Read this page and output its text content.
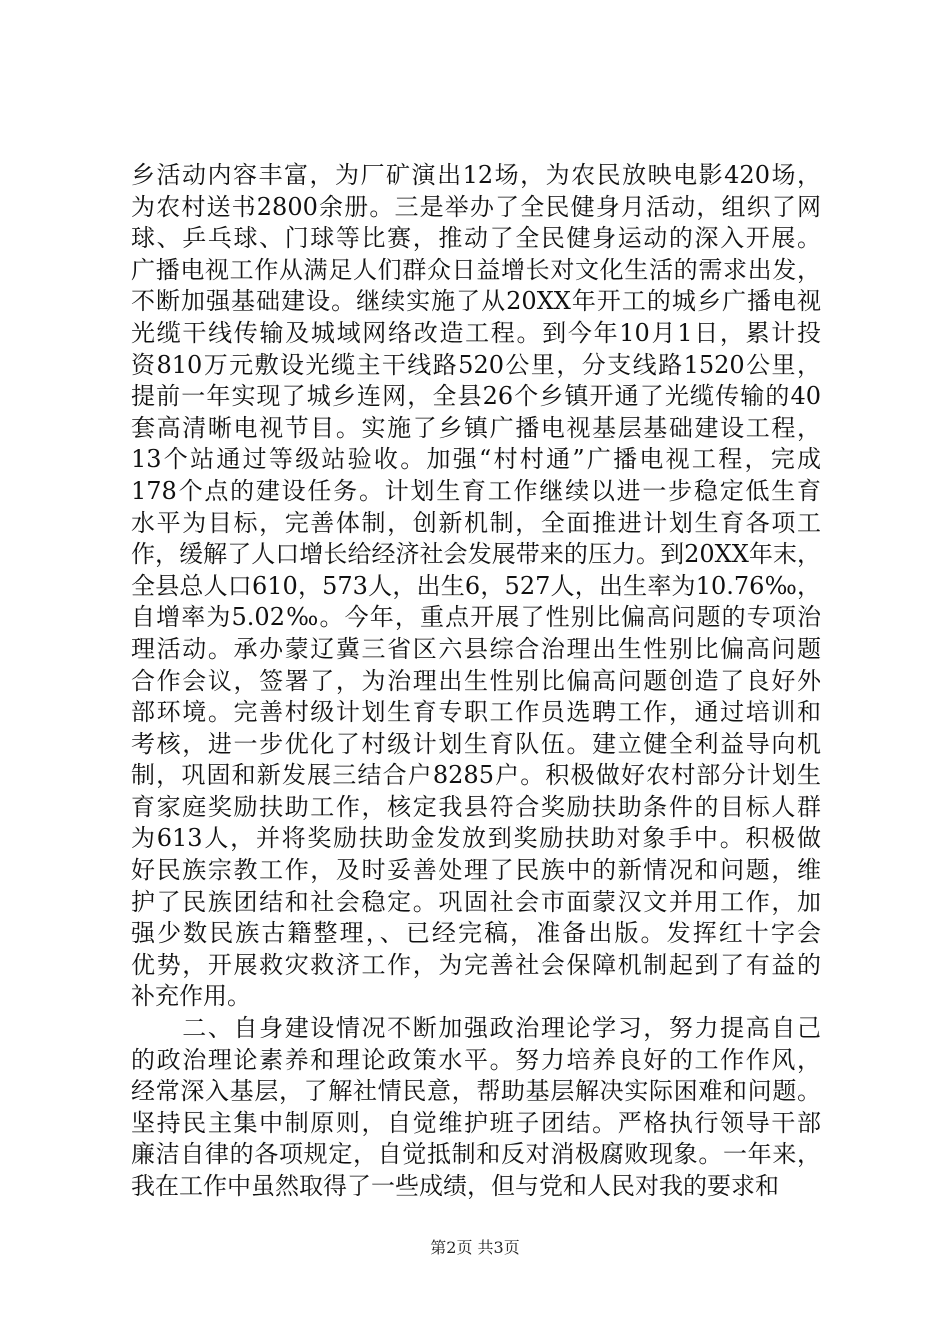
乡活动内容丰富，为厂矿演出12场，为农民放映电影420场，
为农村送书2800余册。三是举办了全民健身月活动，组织了网
球、乒乓球、门球等比赛，推动了全民健身运动的深入开展。
广播电视工作从满足人们群众日益增长对文化生活的需求出发，
不断加强基础建设。继续实施了从20XX年开工的城乡广播电视
光缆干线传输及城域网络改造工程。到今年10月1日，累计投
资810万元敷设光缆主干线路520公里，分支线路1520公里，
提前一年实现了城乡连网，全县26个乡镇开通了光缆传输的40
套高清晰电视节目。实施了乡镇广播电视基层基础建设工程，
13个站通过等级站验收。加强“村村通”广播电视工程，完成
178个点的建设任务。计划生育工作继续以进一步稳定低生育
水平为目标，完善体制，创新机制，全面推进计划生育各项工
作，缓解了人口增长给经济社会发展带来的压力。到20XX年末，
全县总人口610，573人，出生6，527人，出生率为10.76‰，
自增率为5.02‰。今年，重点开展了性别比偏高问题的专项治
理活动。承办蒙辽冀三省区六县综合治理出生性别比偏高问题
合作会议，签署了，为治理出生性别比偏高问题创造了良好外
部环境。完善村级计划生育专职工作员选聘工作，通过培训和
考核，进一步优化了村级计划生育队伍。建立健全利益导向机
制，巩固和新发展三结合户8285户。积极做好农村部分计划生
育家庭奖励扶助工作，核定我县符合奖励扶助条件的目标人群
为613人，并将奖励扶助金发放到奖励扶助对象手中。积极做
好民族宗教工作，及时妥善处理了民族中的新情况和问题，维
护了民族团结和社会稳定。巩固社会市面蒙汉文并用工作，加
强少数民族古籍整理，、已经完稿，准备出版。发挥红十字会
优势，开展救灾救济工作，为完善社会保障机制起到了有益的
补充作用。
　　二、自身建设情况不断加强政治理论学习，努力提高自己
的政治理论素养和理论政策水平。努力培养良好的工作作风，
经常深入基层，了解社情民意，帮助基层解决实际困难和问题。
坚持民主集中制原则，自觉维护班子团结。严格执行领导干部
廉洁自律的各项规定，自觉抵制和反对消极腐败现象。一年来，
我在工作中虽然取得了一些成绩，但与党和人民对我的要求和
第2页 共3页
